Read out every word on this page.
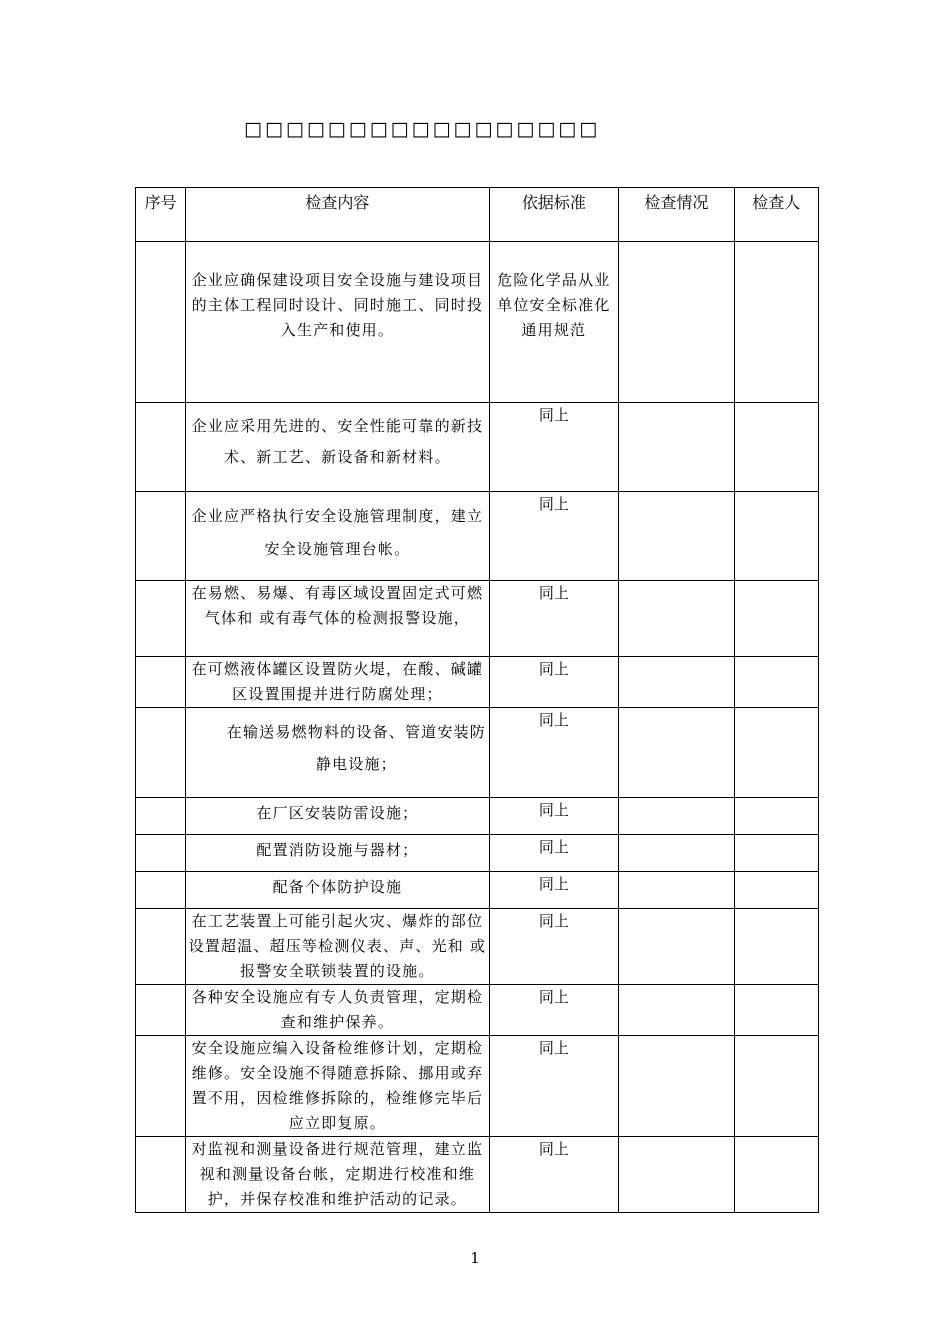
□□□□□□□□□□□□□□□□□
序号	检查内容	依据标准	检查情况	检查人
	企业应确保建设项目安全设施与建设项目的主体工程同时设计、同时施工、同时投入生产和使用。	危险化学品从业单位安全标准化通用规范		
	企业应采用先进的、安全性能可靠的新技术、新工艺、新设备和新材料。	同上		
	企业应严格执行安全设施管理制度，建立安全设施管理台帐。	同上		
	在易燃、易爆、有毒区域设置固定式可燃气体和 或有毒气体的检测报警设施，	同上		
	在可燃液体罐区设置防火堤，在酸、碱罐区设置围提并进行防腐处理；	同上		
	在输送易燃物料的设备、管道安装防静电设施；	同上		
	在厂区安装防雷设施；	同上		
	配置消防设施与器材；	同上		
	配备个体防护设施	同上		
	在工艺装置上可能引起火灾、爆炸的部位设置超温、超压等检测仪表、声、光和 或报警安全联锁装置的设施。	同上		
	各种安全设施应有专人负责管理，定期检查和维护保养。	同上		
	安全设施应编入设备检维修计划，定期检维修。安全设施不得随意拆除、挪用或弃置不用，因检维修拆除的，检维修完毕后应立即复原。	同上		
	对监视和测量设备进行规范管理，建立监视和测量设备台帐，定期进行校准和维护，并保存校准和维护活动的记录。	同上		
1
